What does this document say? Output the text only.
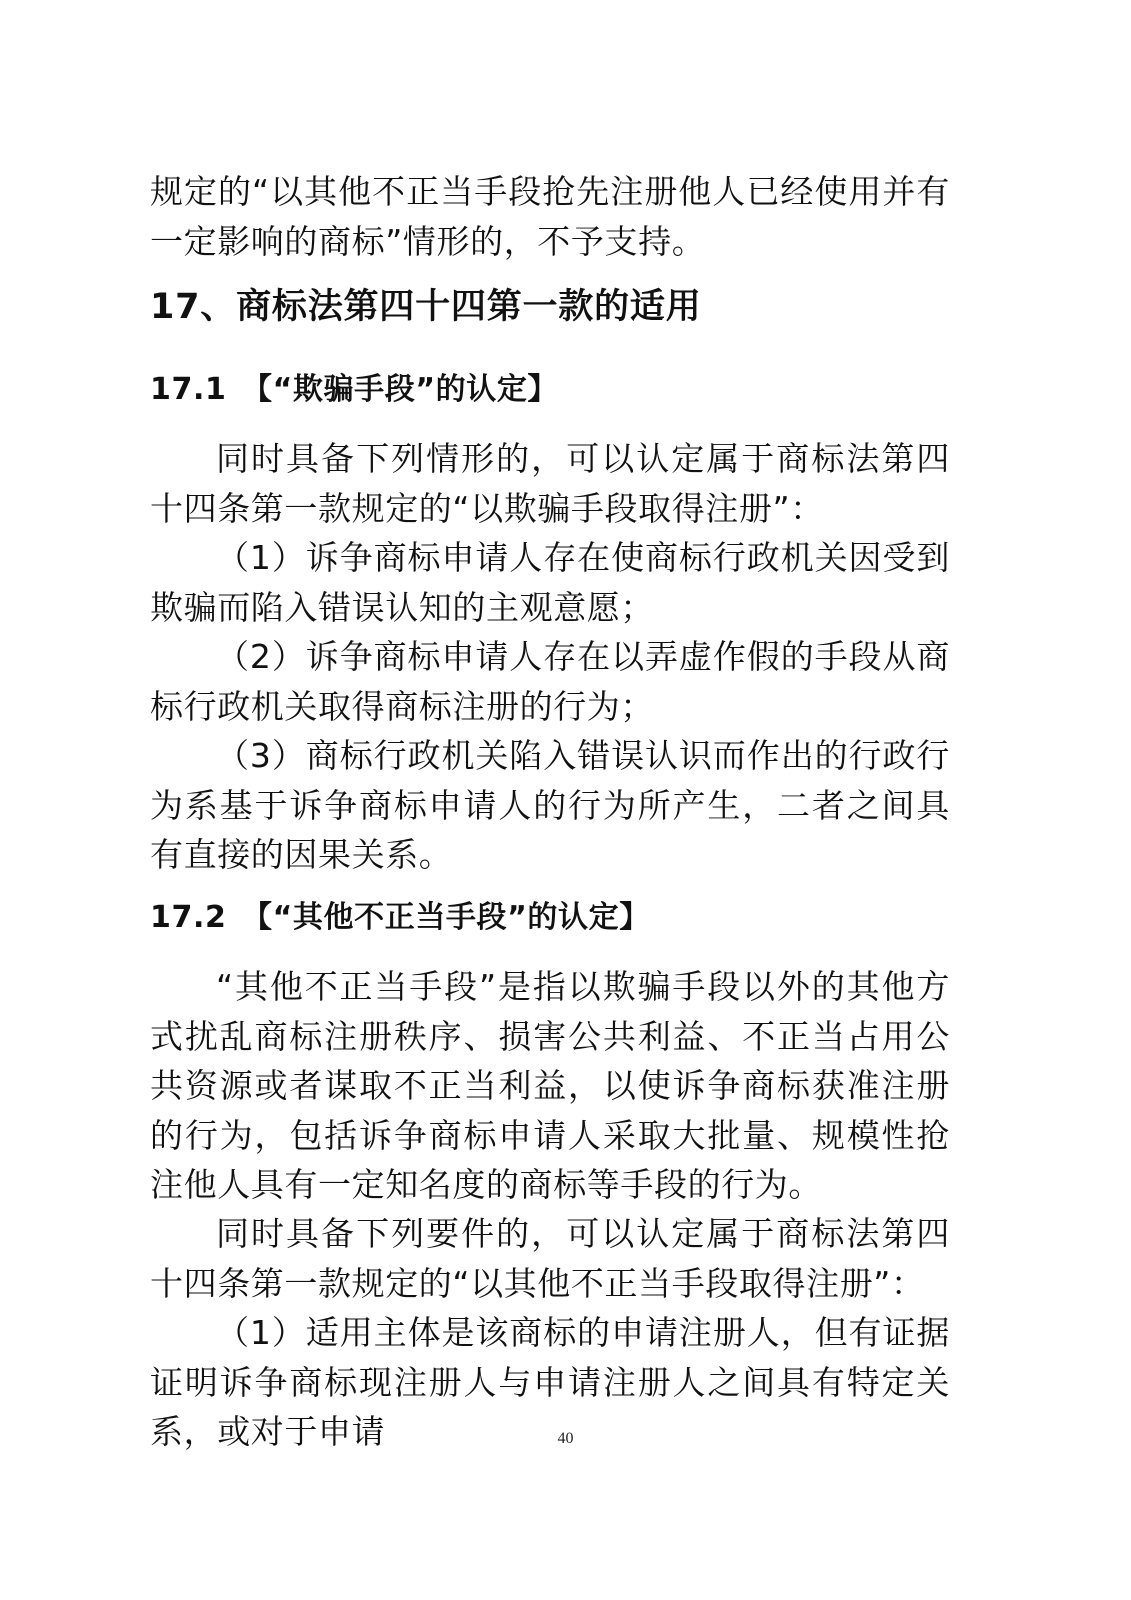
规定的“以其他不正当手段抢先注册他人已经使用并有一定影响的商标”情形的，不予支持。

17、商标法第四十四第一款的适用
17.1 【“欺骗手段”的认定】

同时具备下列情形的，可以认定属于商标法第四十四条第一款规定的“以欺骗手段取得注册”：

（1）诉争商标申请人存在使商标行政机关因受到欺骗而陷入错误认知的主观意愿；

（2）诉争商标申请人存在以弄虚作假的手段从商标行政机关取得商标注册的行为；

（3）商标行政机关陷入错误认识而作出的行政行为系基于诉争商标申请人的行为所产生，二者之间具有直接的因果关系。

17.2 【“其他不正当手段”的认定】

“其他不正当手段”是指以欺骗手段以外的其他方式扰乱商标注册秩序、损害公共利益、不正当占用公共资源或者谋取不正当利益，以使诉争商标获准注册的行为，包括诉争商标申请人采取大批量、规模性抢注他人具有一定知名度的商标等手段的行为。

同时具备下列要件的，可以认定属于商标法第四十四条第一款规定的“以其他不正当手段取得注册”：

（1）适用主体是该商标的申请注册人，但有证据证明诉争商标现注册人与申请注册人之间具有特定关系，或对于申请	40
